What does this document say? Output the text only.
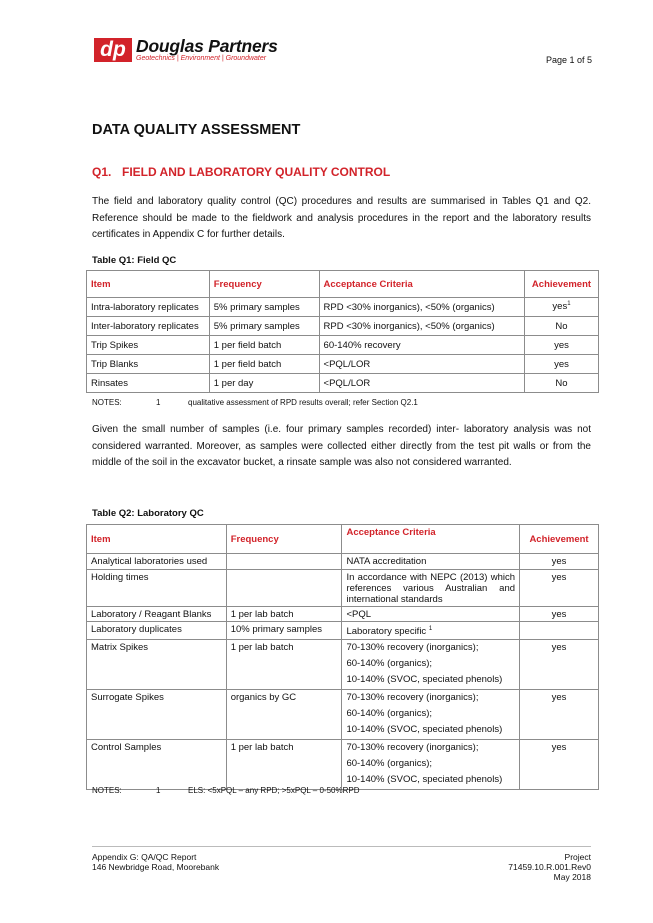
dp Douglas Partners
Geotechnics | Environment | Groundwater	Page 1 of 5
DATA QUALITY ASSESSMENT
Q1. FIELD AND LABORATORY QUALITY CONTROL
The field and laboratory quality control (QC) procedures and results are summarised in Tables Q1 and Q2. Reference should be made to the fieldwork and analysis procedures in the report and the laboratory results certificates in Appendix C for further details.
Table Q1: Field QC
Item	Frequency	Acceptance Criteria	Achievement
Intra-laboratory replicates	5% primary samples	RPD <30% inorganics), <50% (organics)	yes$^1$
Inter-laboratory replicates	5% primary samples	RPD <30% inorganics), <50% (organics)	No
Trip Spikes	1 per field batch	60-140% recovery	yes
Trip Blanks	1 per field batch	<PQL/LOR	yes
Rinsates	1 per day	<PQL/LOR	No
NOTES:	1	qualitative assessment of RPD results overall; refer Section Q2.1
Given the small number of samples (i.e. four primary samples recorded) inter- laboratory analysis was not considered warranted. Moreover, as samples were collected either directly from the test pit walls or from the middle of the soil in the excavator bucket, a rinsate sample was also not considered warranted.
Table Q2: Laboratory QC
Item	Frequency	Acceptance Criteria	Achievement
Analytical laboratories used		NATA accreditation	yes
Holding times		In accordance with NEPC (2013) which references various Australian and international standards	yes
Laboratory / Reagant Blanks	1 per lab batch	<PQL	yes
Laboratory duplicates	10% primary samples	Laboratory specific $^1$	
Matrix Spikes	1 per lab batch	70-130% recovery (inorganics);
60-140% (organics);
10-140% (SVOC, speciated phenols)	yes
Surrogate Spikes	organics by GC	70-130% recovery (inorganics);
60-140% (organics);
10-140% (SVOC, speciated phenols)	yes
Control Samples	1 per lab batch	70-130% recovery (inorganics);
60-140% (organics);
10-140% (SVOC, speciated phenols)	yes
NOTES:	1	ELS: <5xPQL – any RPD; >5xPQL – 0-50%RPD
Appendix G: QA/QC Report
146 Newbridge Road, Moorebank
Project 71459.10.R.001.Rev0
May 2018
